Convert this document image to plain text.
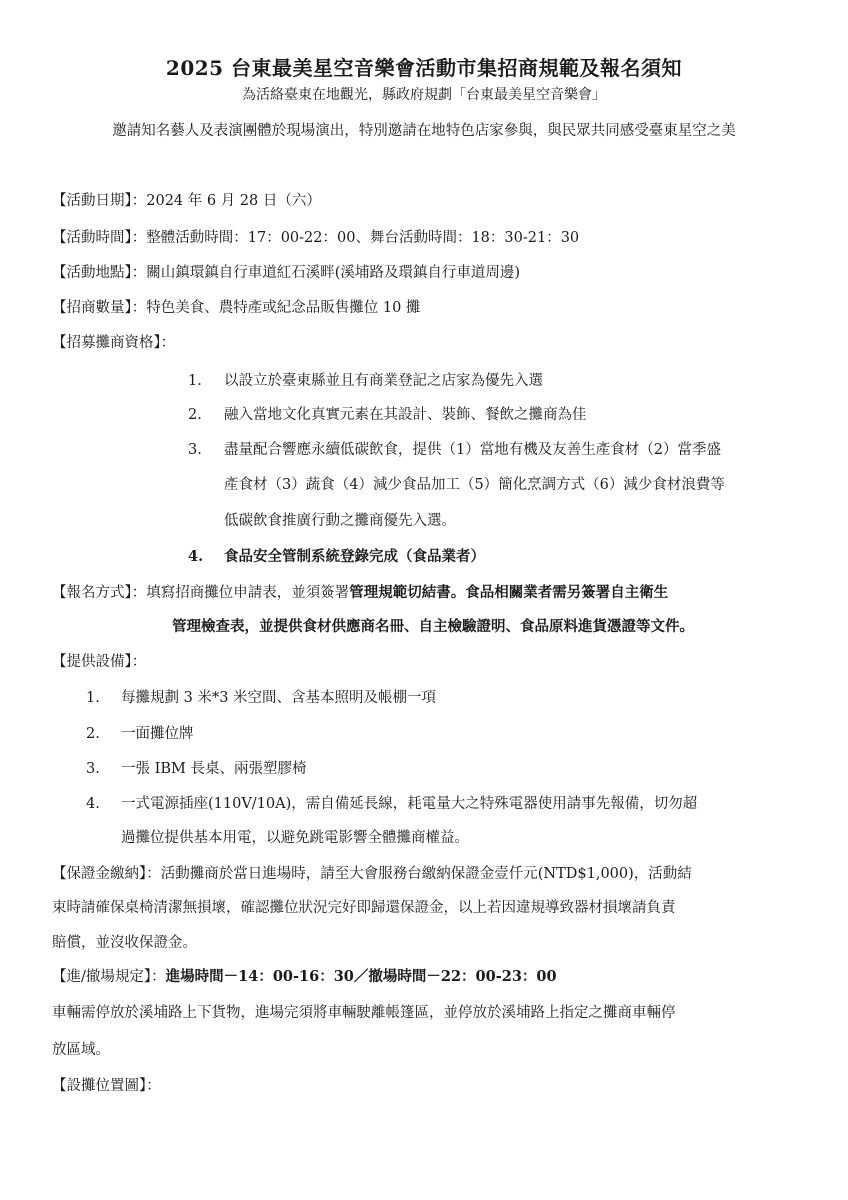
2025 台東最美星空音樂會活動市集招商規範及報名須知
為活絡臺東在地觀光，縣政府規劃「台東最美星空音樂會」
邀請知名藝人及表演團體於現場演出，特別邀請在地特色店家參與，與民眾共同感受臺東星空之美
【活動日期】：2024 年 6 月 28 日（六）
【活動時間】：整體活動時間：17：00-22：00、舞台活動時間：18：30-21：30
【活動地點】：關山鎮環鎮自行車道紅石溪畔(溪埔路及環鎮自行車道周邊)
【招商數量】：特色美食、農特產或紀念品販售攤位 10 攤
【招募攤商資格】：
1. 以設立於臺東縣並且有商業登記之店家為優先入選
2. 融入當地文化真實元素在其設計、裝飾、餐飲之攤商為佳
3. 盡量配合響應永續低碳飲食，提供（1）當地有機及友善生產食材（2）當季盛
產食材（3）蔬食（4）減少食品加工（5）簡化烹調方式（6）減少食材浪費等
低碳飲食推廣行動之攤商優先入選。
4. 食品安全管制系統登錄完成（食品業者）
【報名方式】：填寫招商攤位申請表，並須簽署管理規範切結書。食品相關業者需另簽署自主衛生
管理檢查表，並提供食材供應商名冊、自主檢驗證明、食品原料進貨憑證等文件。
【提供設備】：
1. 每攤規劃 3 米*3 米空間、含基本照明及帳棚一項
2. 一面攤位牌
3. 一張 IBM 長桌、兩張塑膠椅
4. 一式電源插座(110V/10A)，需自備延長線，耗電量大之特殊電器使用請事先報備，切勿超
過攤位提供基本用電，以避免跳電影響全體攤商權益。
【保證金繳納】：活動攤商於當日進場時，請至大會服務台繳納保證金壹仟元(NTD$1,000)，活動結
束時請確保桌椅清潔無損壞，確認攤位狀況完好即歸還保證金，以上若因違規導致器材損壞請負責
賠償，並沒收保證金。
【進/撤場規定】：進場時間－14：00-16：30／撤場時間－22：00-23：00
車輛需停放於溪埔路上下貨物，進場完須將車輛駛離帳篷區，並停放於溪埔路上指定之攤商車輛停
放區域。
【設攤位置圖】：
